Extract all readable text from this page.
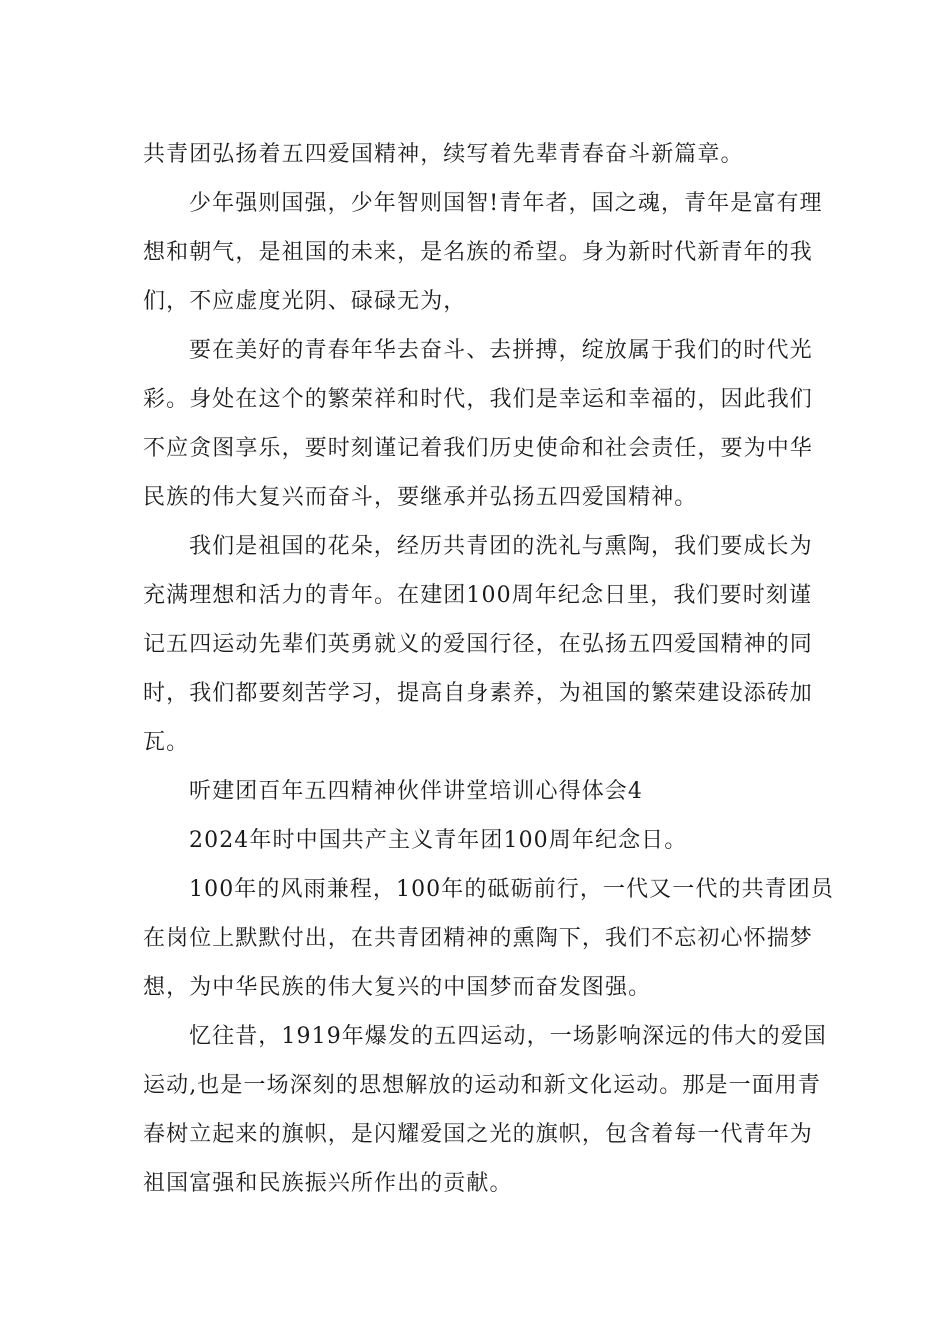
共青团弘扬着五四爱国精神，续写着先辈青春奋斗新篇章。

少年强则国强，少年智则国智!青年者，国之魂，青年是富有理
想和朝气，是祖国的未来，是名族的希望。身为新时代新青年的我
们，不应虚度光阴、碌碌无为，

要在美好的青春年华去奋斗、去拼搏，绽放属于我们的时代光
彩。身处在这个的繁荣祥和时代，我们是幸运和幸福的，因此我们
不应贪图享乐，要时刻谨记着我们历史使命和社会责任，要为中华
民族的伟大复兴而奋斗，要继承并弘扬五四爱国精神。

我们是祖国的花朵，经历共青团的洗礼与熏陶，我们要成长为
充满理想和活力的青年。在建团100周年纪念日里，我们要时刻谨
记五四运动先辈们英勇就义的爱国行径，在弘扬五四爱国精神的同
时，我们都要刻苦学习，提高自身素养，为祖国的繁荣建设添砖加
瓦。

听建团百年五四精神伙伴讲堂培训心得体会4

2024年时中国共产主义青年团100周年纪念日。

100年的风雨兼程，100年的砥砺前行，一代又一代的共青团员
在岗位上默默付出，在共青团精神的熏陶下，我们不忘初心怀揣梦
想，为中华民族的伟大复兴的中国梦而奋发图强。

忆往昔，1919年爆发的五四运动，一场影响深远的伟大的爱国
运动,也是一场深刻的思想解放的运动和新文化运动。那是一面用青
春树立起来的旗帜，是闪耀爱国之光的旗帜，包含着每一代青年为
祖国富强和民族振兴所作出的贡献。
